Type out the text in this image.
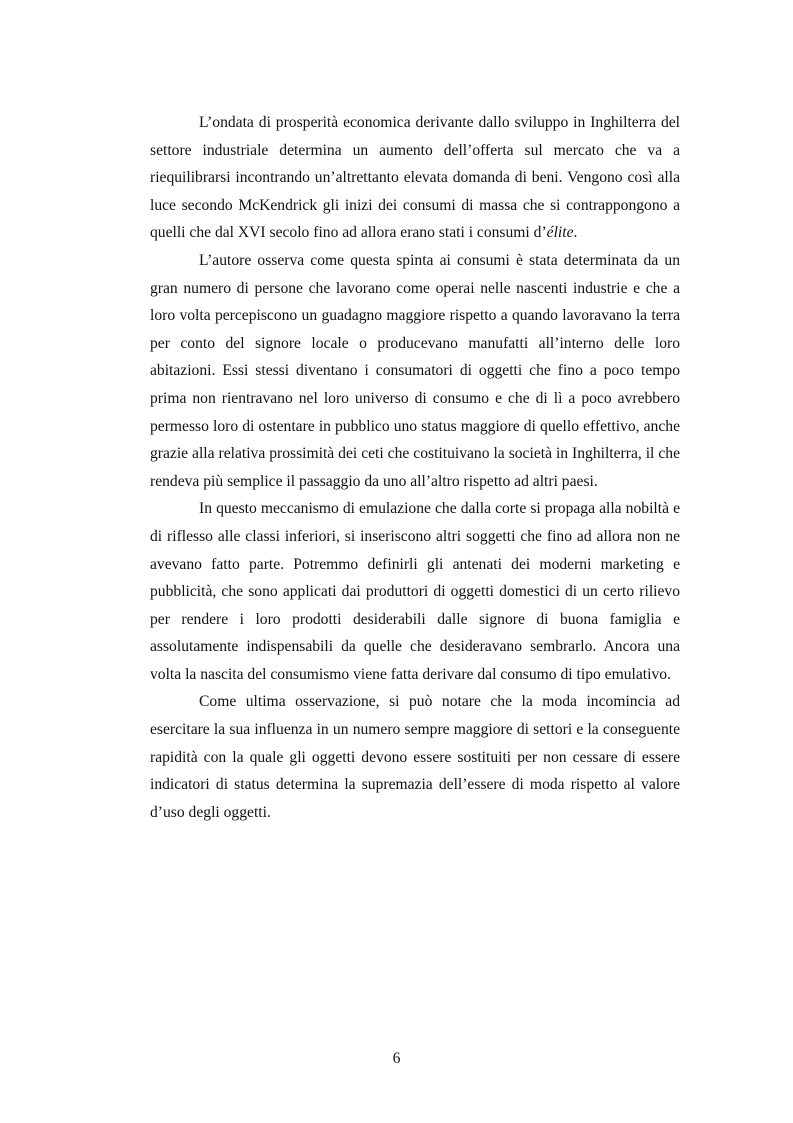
L’ondata di prosperità economica derivante dallo sviluppo in Inghilterra del settore industriale determina un aumento dell’offerta sul mercato che va a riequilibrarsi incontrando un’altrettanto elevata domanda di beni. Vengono così alla luce secondo McKendrick gli inizi dei consumi di massa che si contrappongono a quelli che dal XVI secolo fino ad allora erano stati i consumi d’élite.

L’autore osserva come questa spinta ai consumi è stata determinata da un gran numero di persone che lavorano come operai nelle nascenti industrie e che a loro volta percepiscono un guadagno maggiore rispetto a quando lavoravano la terra per conto del signore locale o producevano manufatti all’interno delle loro abitazioni. Essi stessi diventano i consumatori di oggetti che fino a poco tempo prima non rientravano nel loro universo di consumo e che di lì a poco avrebbero permesso loro di ostentare in pubblico uno status maggiore di quello effettivo, anche grazie alla relativa prossimità dei ceti che costituivano la società in Inghilterra, il che rendeva più semplice il passaggio da uno all’altro rispetto ad altri paesi.

In questo meccanismo di emulazione che dalla corte si propaga alla nobiltà e di riflesso alle classi inferiori, si inseriscono altri soggetti che fino ad allora non ne avevano fatto parte. Potremmo definirli gli antenati dei moderni marketing e pubblicità, che sono applicati dai produttori di oggetti domestici di un certo rilievo per rendere i loro prodotti desiderabili dalle signore di buona famiglia e assolutamente indispensabili da quelle che desideravano sembrarlo. Ancora una volta la nascita del consumismo viene fatta derivare dal consumo di tipo emulativo.

Come ultima osservazione, si può notare che la moda incomincia ad esercitare la sua influenza in un numero sempre maggiore di settori e la conseguente rapidità con la quale gli oggetti devono essere sostituiti per non cessare di essere indicatori di status determina la supremazia dell’essere di moda rispetto al valore d’uso degli oggetti.

6
